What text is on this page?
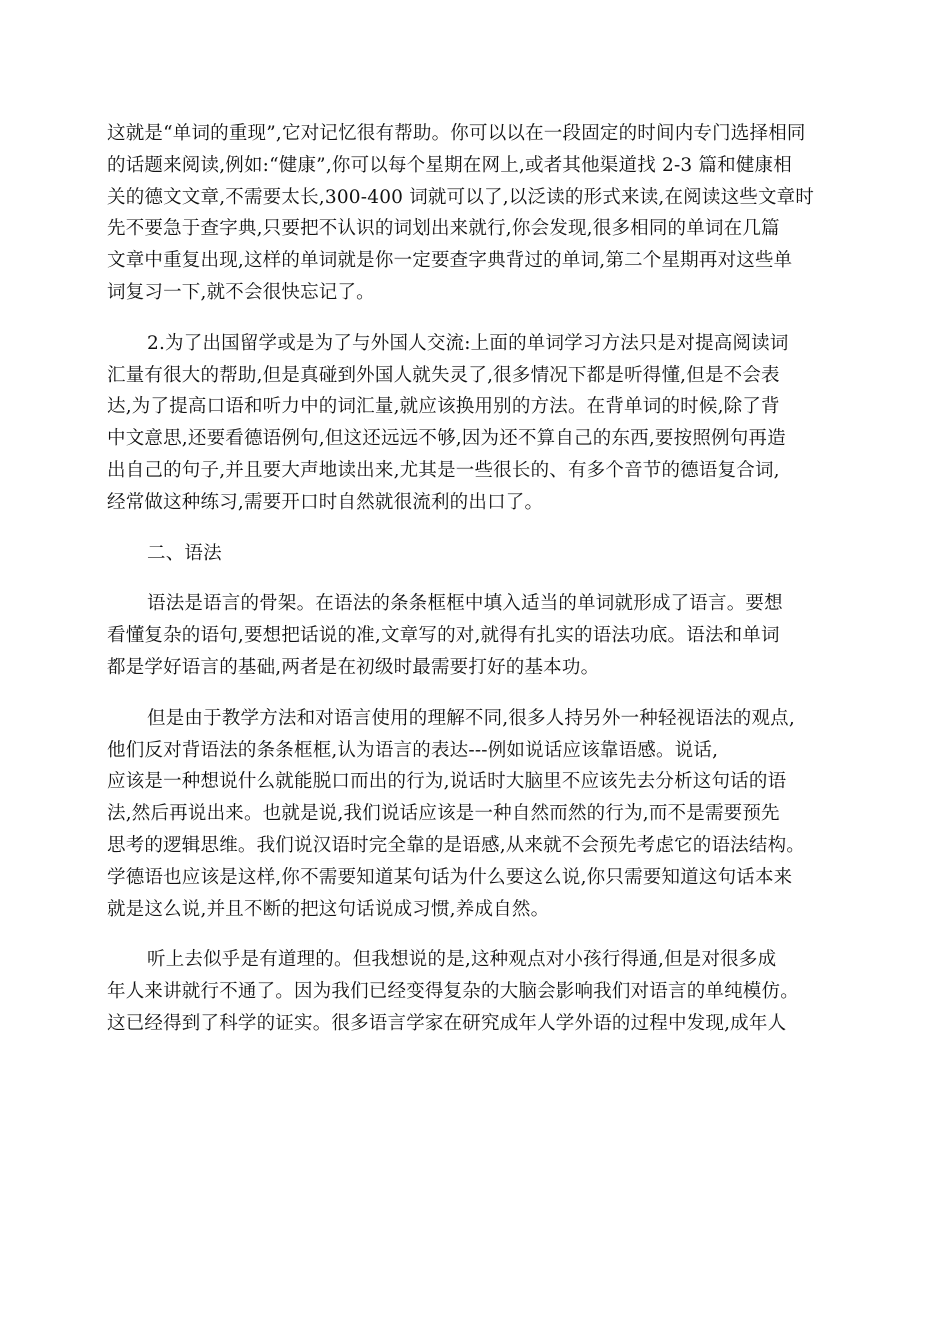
这就是“单词的重现”,它对记忆很有帮助。你可以以在一段固定的时间内专门选择相同
的话题来阅读,例如:“健康”,你可以每个星期在网上,或者其他渠道找 2-3 篇和健康相
关的德文文章,不需要太长,300-400 词就可以了,以泛读的形式来读,在阅读这些文章时
先不要急于查字典,只要把不认识的词划出来就行,你会发现,很多相同的单词在几篇
文章中重复出现,这样的单词就是你一定要查字典背过的单词,第二个星期再对这些单
词复习一下,就不会很快忘记了。
2.为了出国留学或是为了与外国人交流:上面的单词学习方法只是对提高阅读词
汇量有很大的帮助,但是真碰到外国人就失灵了,很多情况下都是听得懂,但是不会表
达,为了提高口语和听力中的词汇量,就应该换用别的方法。在背单词的时候,除了背
中文意思,还要看德语例句,但这还远远不够,因为还不算自己的东西,要按照例句再造
出自己的句子,并且要大声地读出来,尤其是一些很长的、有多个音节的德语复合词,
经常做这种练习,需要开口时自然就很流利的出口了。
二、语法
语法是语言的骨架。在语法的条条框框中填入适当的单词就形成了语言。要想
看懂复杂的语句,要想把话说的准,文章写的对,就得有扎实的语法功底。语法和单词
都是学好语言的基础,两者是在初级时最需要打好的基本功。
但是由于教学方法和对语言使用的理解不同,很多人持另外一种轻视语法的观点,
他们反对背语法的条条框框,认为语言的表达---例如说话应该靠语感。说话,
应该是一种想说什么就能脱口而出的行为,说话时大脑里不应该先去分析这句话的语
法,然后再说出来。也就是说,我们说话应该是一种自然而然的行为,而不是需要预先
思考的逻辑思维。我们说汉语时完全靠的是语感,从来就不会预先考虑它的语法结构。
学德语也应该是这样,你不需要知道某句话为什么要这么说,你只需要知道这句话本来
就是这么说,并且不断的把这句话说成习惯,养成自然。
听上去似乎是有道理的。但我想说的是,这种观点对小孩行得通,但是对很多成
年人来讲就行不通了。因为我们已经变得复杂的大脑会影响我们对语言的单纯模仿。
这已经得到了科学的证实。很多语言学家在研究成年人学外语的过程中发现,成年人
